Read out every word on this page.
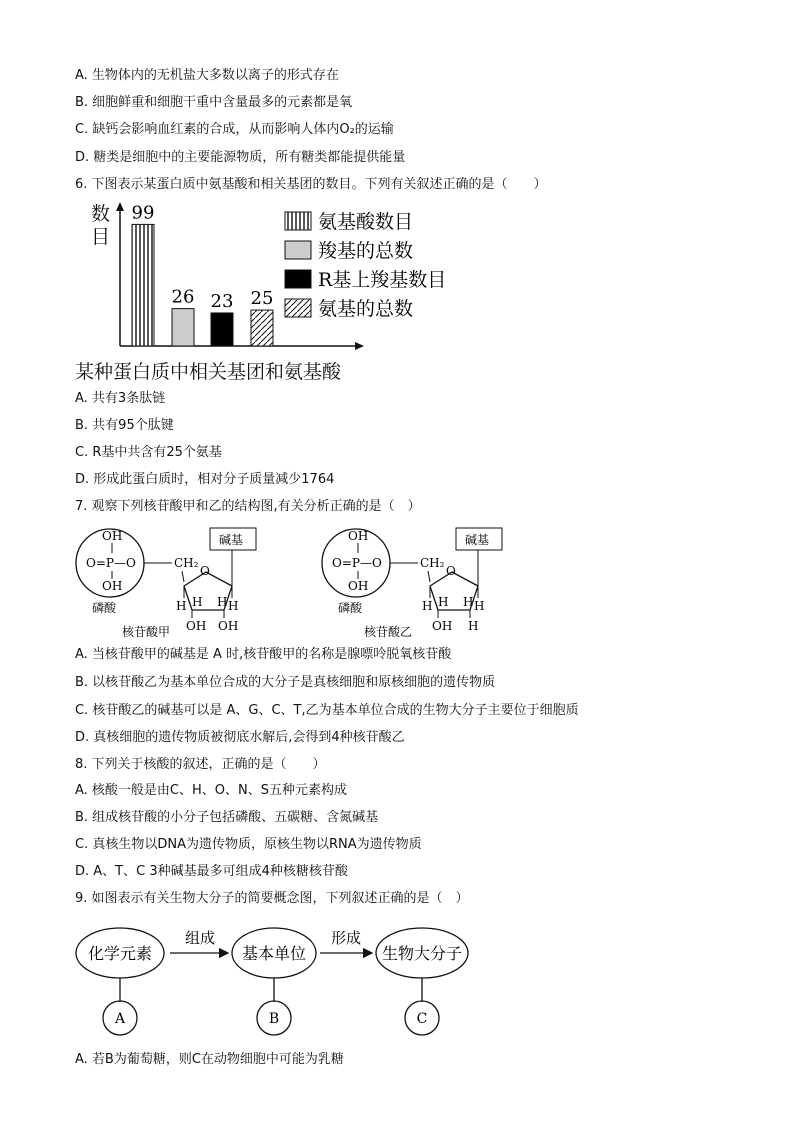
A. 生物体内的无机盐大多数以离子的形式存在
B. 细胞鲜重和细胞干重中含量最多的元素都是氧
C. 缺钙会影响血红素的合成，从而影响人体内O₂的运输
D. 糖类是细胞中的主要能源物质，所有糖类都能提供能量
6. 下图表示某蛋白质中氨基酸和相关基团的数目。下列有关叙述正确的是（　　）
数
目
99
26 23 25
氨基酸数目
羧基的总数
R基上羧基数目
氨基的总数
某种蛋白质中相关基团和氨基酸
A. 共有3条肽链
B. 共有95个肽键
C. R基中共含有25个氨基
D. 形成此蛋白质时，相对分子质量减少1764
7. 观察下列核苷酸甲和乙的结构图,有关分析正确的是（　）
OH
O=P—O
OH
CH₂
O
碱基
H	H
H H
OH OH
磷酸
核苷酸甲
OH
O=P—O
OH
CH₂
O
碱基
H	H
H H
OH H
磷酸
核苷酸乙
A. 当核苷酸甲的碱基是 A 时,核苷酸甲的名称是腺嘌呤脱氧核苷酸
B. 以核苷酸乙为基本单位合成的大分子是真核细胞和原核细胞的遗传物质
C. 核苷酸乙的碱基可以是 A、G、C、T,乙为基本单位合成的生物大分子主要位于细胞质
D. 真核细胞的遗传物质被彻底水解后,会得到4种核苷酸乙
8. 下列关于核酸的叙述，正确的是（　　）
A. 核酸一般是由C、H、O、N、S五种元素构成
B. 组成核苷酸的小分子包括磷酸、五碳糖、含氮碱基
C. 真核生物以DNA为遗传物质，原核生物以RNA为遗传物质
D. A、T、C 3种碱基最多可组成4种核糖核苷酸
9. 如图表示有关生物大分子的简要概念图，下列叙述正确的是（　）
化学元素	基本单位	生物大分子
组成	形成
A	B	C
A. 若B为葡萄糖，则C在动物细胞中可能为乳糖
